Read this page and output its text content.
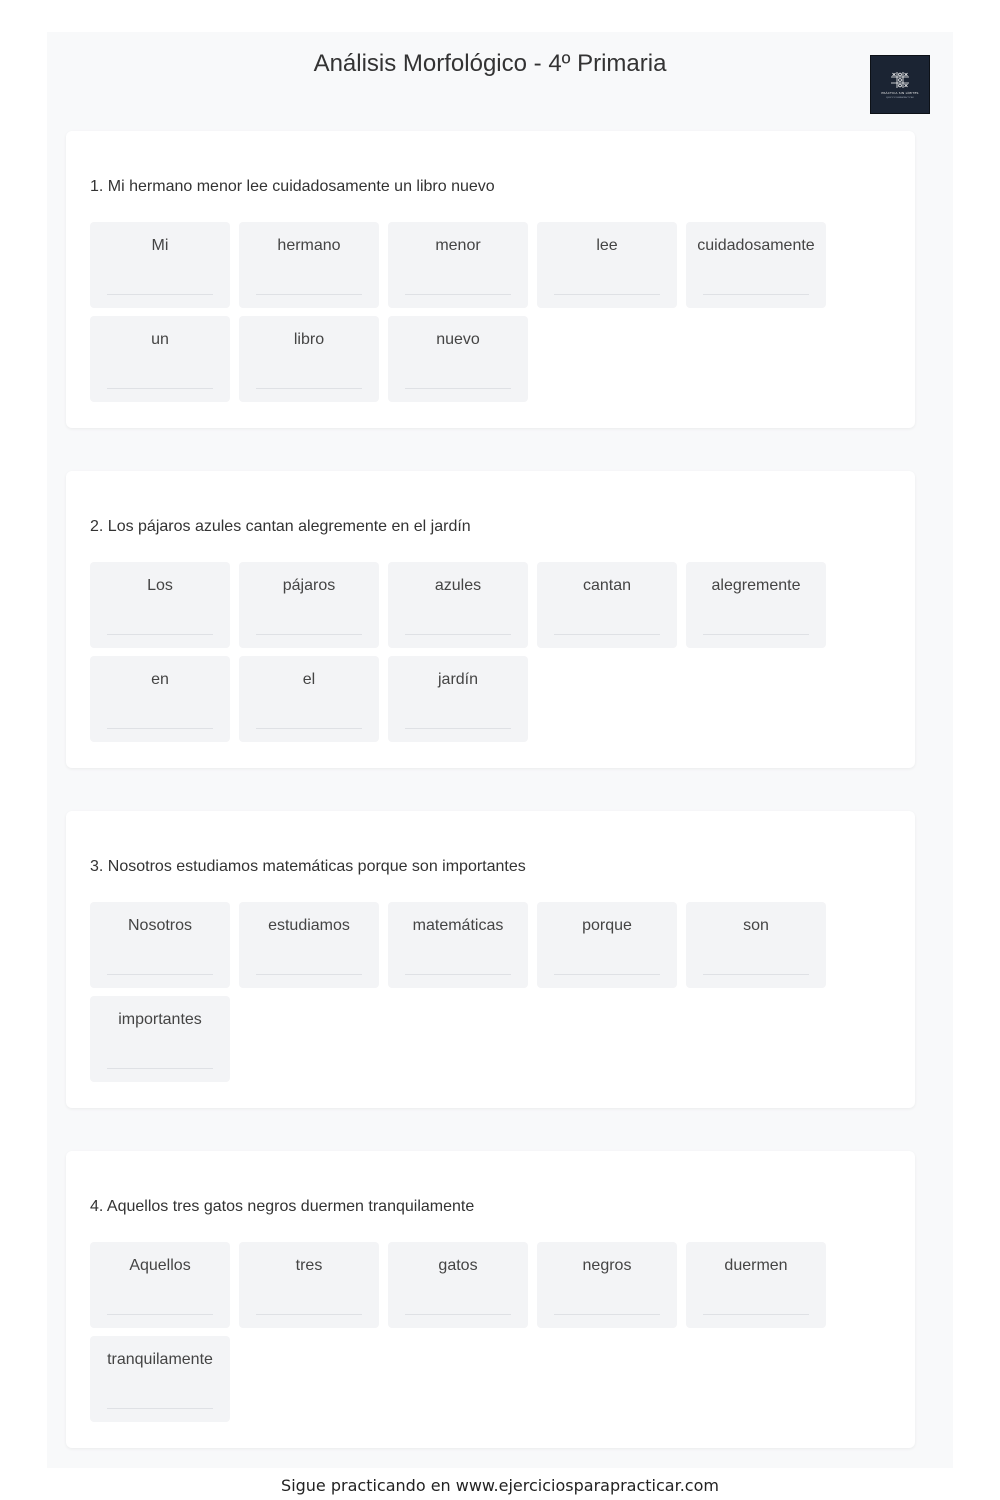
Análisis Morfológico - 4º Primaria
PRÁCTICA SIN LÍMITES
EJERCICIOSPARAPRACTICAR
1. Mi hermano menor lee cuidadosamente un libro nuevo
Mi	hermano	menor	lee	cuidadosamente
un	libro	nuevo
2. Los pájaros azules cantan alegremente en el jardín
Los	pájaros	azules	cantan	alegremente
en	el	jardín
3. Nosotros estudiamos matemáticas porque son importantes
Nosotros	estudiamos	matemáticas	porque	son
importantes
4. Aquellos tres gatos negros duermen tranquilamente
Aquellos	tres	gatos	negros	duermen
tranquilamente
Sigue practicando en www.ejerciciosparapracticar.com
